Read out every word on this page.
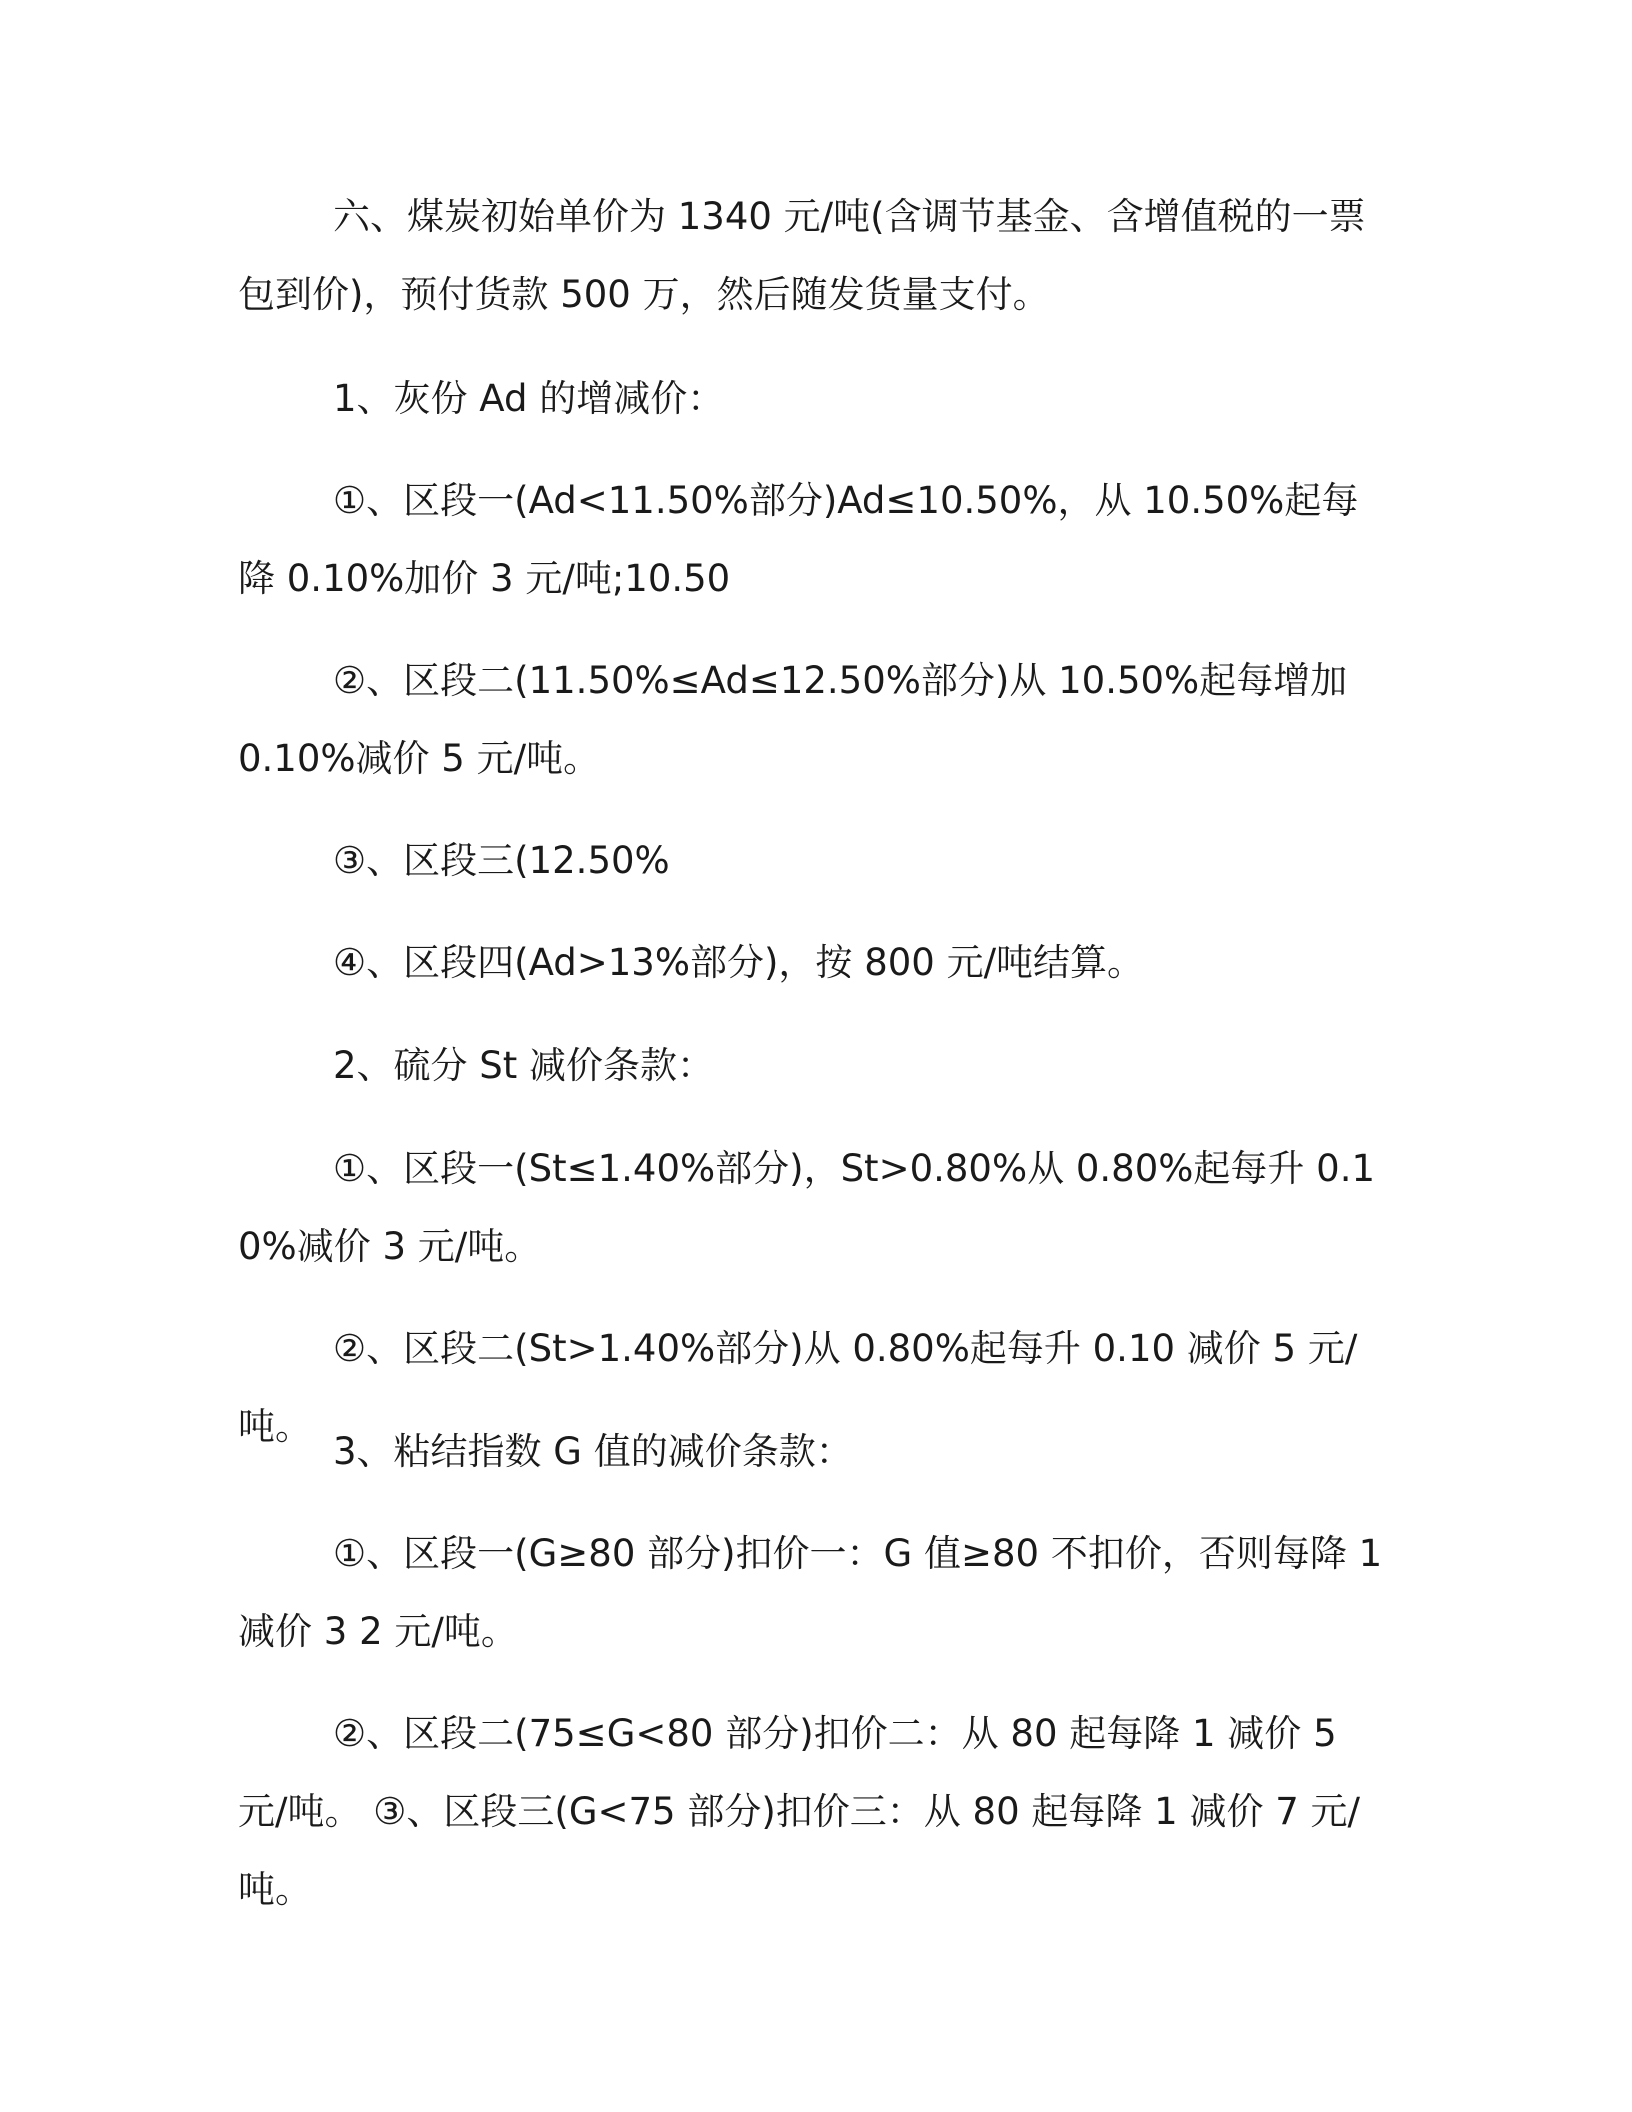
六、煤炭初始单价为 1340 元/吨(含调节基金、含增值税的一票包到价)，预付货款 500 万，然后随发货量支付。

1、灰份 Ad 的增减价：

①、区段一(Ad<11.50%部分)Ad≤10.50%，从 10.50%起每降 0.10%加价 3 元/吨;10.50

②、区段二(11.50%≤Ad≤12.50%部分)从 10.50%起每增加 0.10%减价 5 元/吨。

③、区段三(12.50%

④、区段四(Ad>13%部分)，按 800 元/吨结算。

2、硫分 St 减价条款：

①、区段一(St≤1.40%部分)，St>0.80%从 0.80%起每升 0.10%减价 3 元/吨。

②、区段二(St>1.40%部分)从 0.80%起每升 0.10 减价 5 元/吨。

3、粘结指数 G 值的减价条款：

①、区段一(G≥80 部分)扣价一：G 值≥80 不扣价，否则每降 1 减价 3 2 元/吨。

②、区段二(75≤G<80 部分)扣价二：从 80 起每降 1 减价 5 元/吨。 ③、区段三(G<75 部分)扣价三：从 80 起每降 1 减价 7 元/吨。
